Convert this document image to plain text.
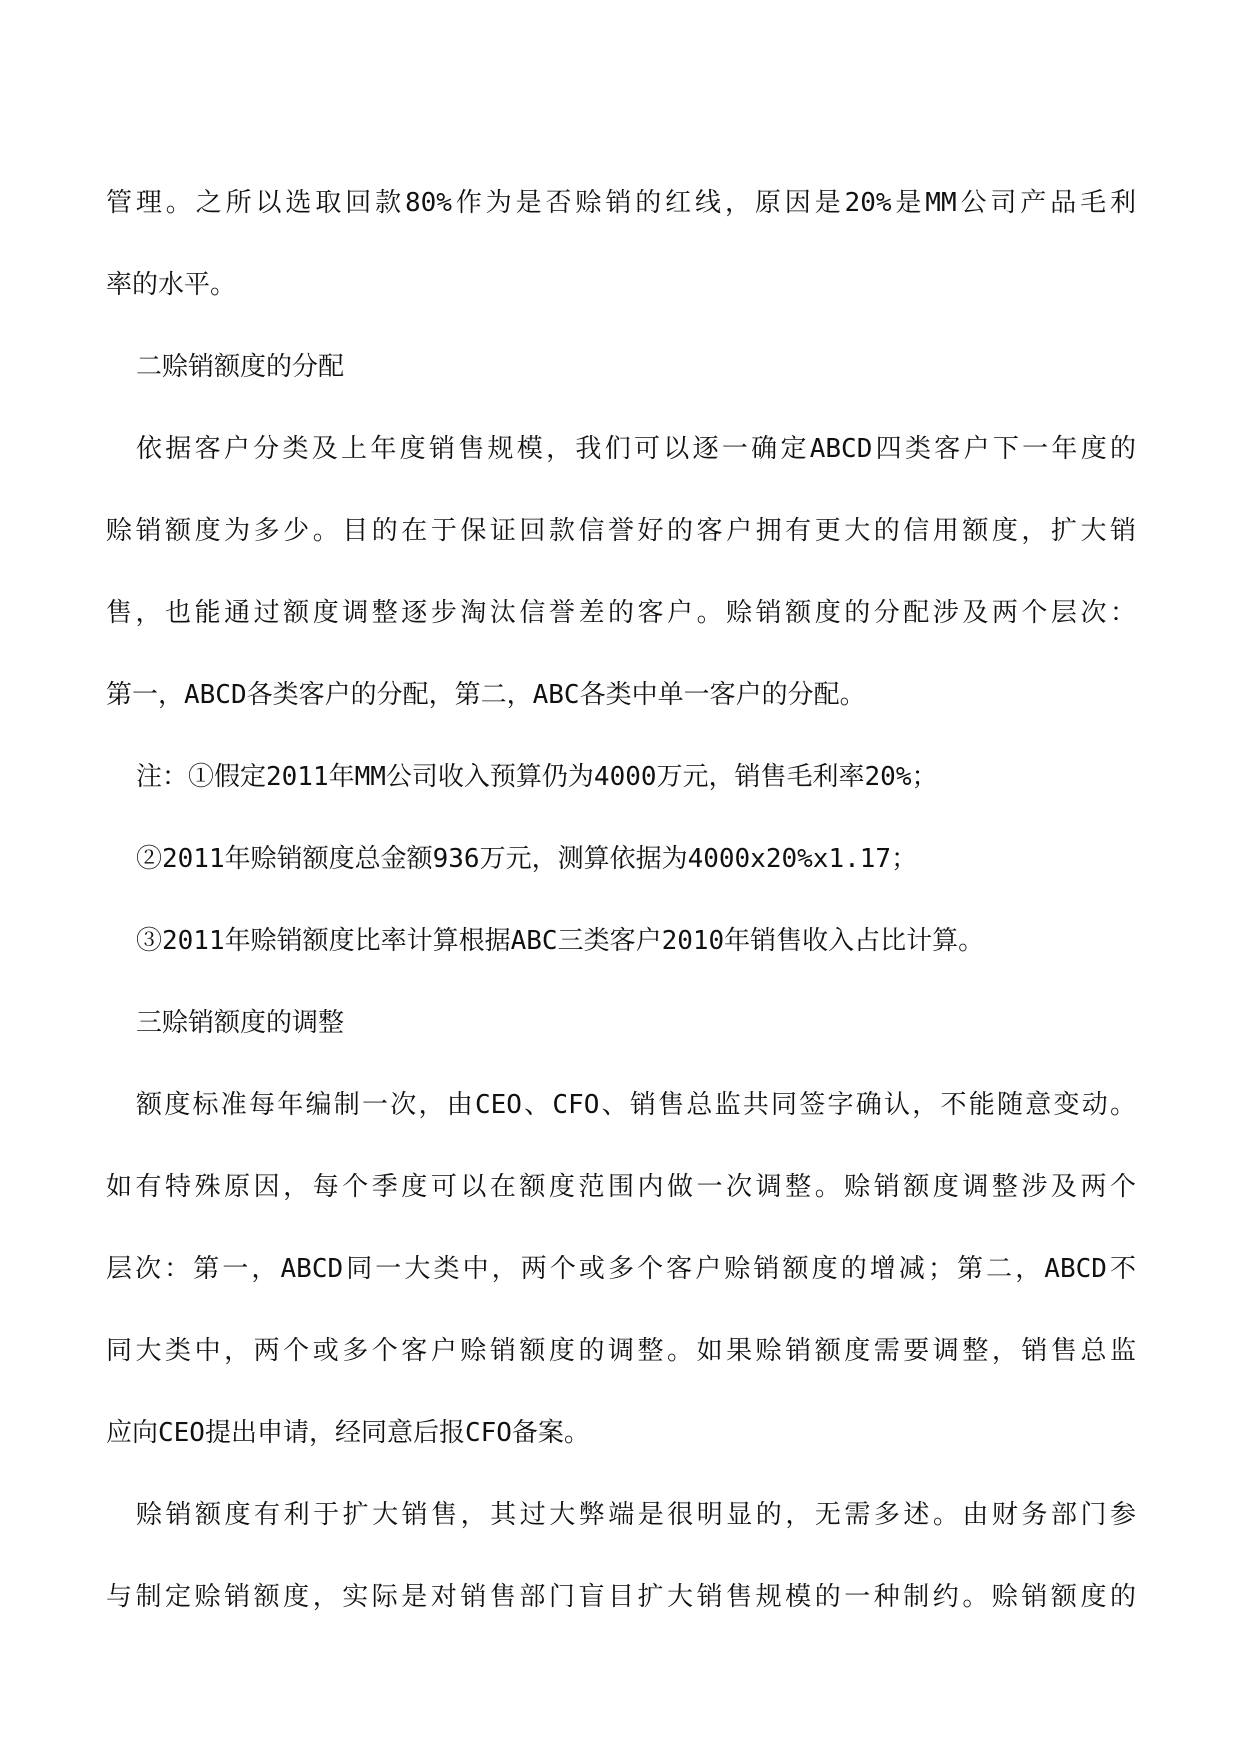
管理。之所以选取回款80%作为是否赊销的红线，原因是20%是MM公司产品毛利
率的水平。
二赊销额度的分配
依据客户分类及上年度销售规模，我们可以逐一确定ABCD四类客户下一年度的
赊销额度为多少。目的在于保证回款信誉好的客户拥有更大的信用额度，扩大销
售，也能通过额度调整逐步淘汰信誉差的客户。赊销额度的分配涉及两个层次：
第一，ABCD各类客户的分配，第二，ABC各类中单一客户的分配。
注：①假定2011年MM公司收入预算仍为4000万元，销售毛利率20%；
②2011年赊销额度总金额936万元，测算依据为4000x20%x1.17；
③2011年赊销额度比率计算根据ABC三类客户2010年销售收入占比计算。
三赊销额度的调整
额度标准每年编制一次，由CEO、CFO、销售总监共同签字确认，不能随意变动。
如有特殊原因，每个季度可以在额度范围内做一次调整。赊销额度调整涉及两个
层次：第一，ABCD同一大类中，两个或多个客户赊销额度的增减；第二，ABCD不
同大类中，两个或多个客户赊销额度的调整。如果赊销额度需要调整，销售总监
应向CEO提出申请，经同意后报CFO备案。
赊销额度有利于扩大销售，其过大弊端是很明显的，无需多述。由财务部门参
与制定赊销额度，实际是对销售部门盲目扩大销售规模的一种制约。赊销额度的
